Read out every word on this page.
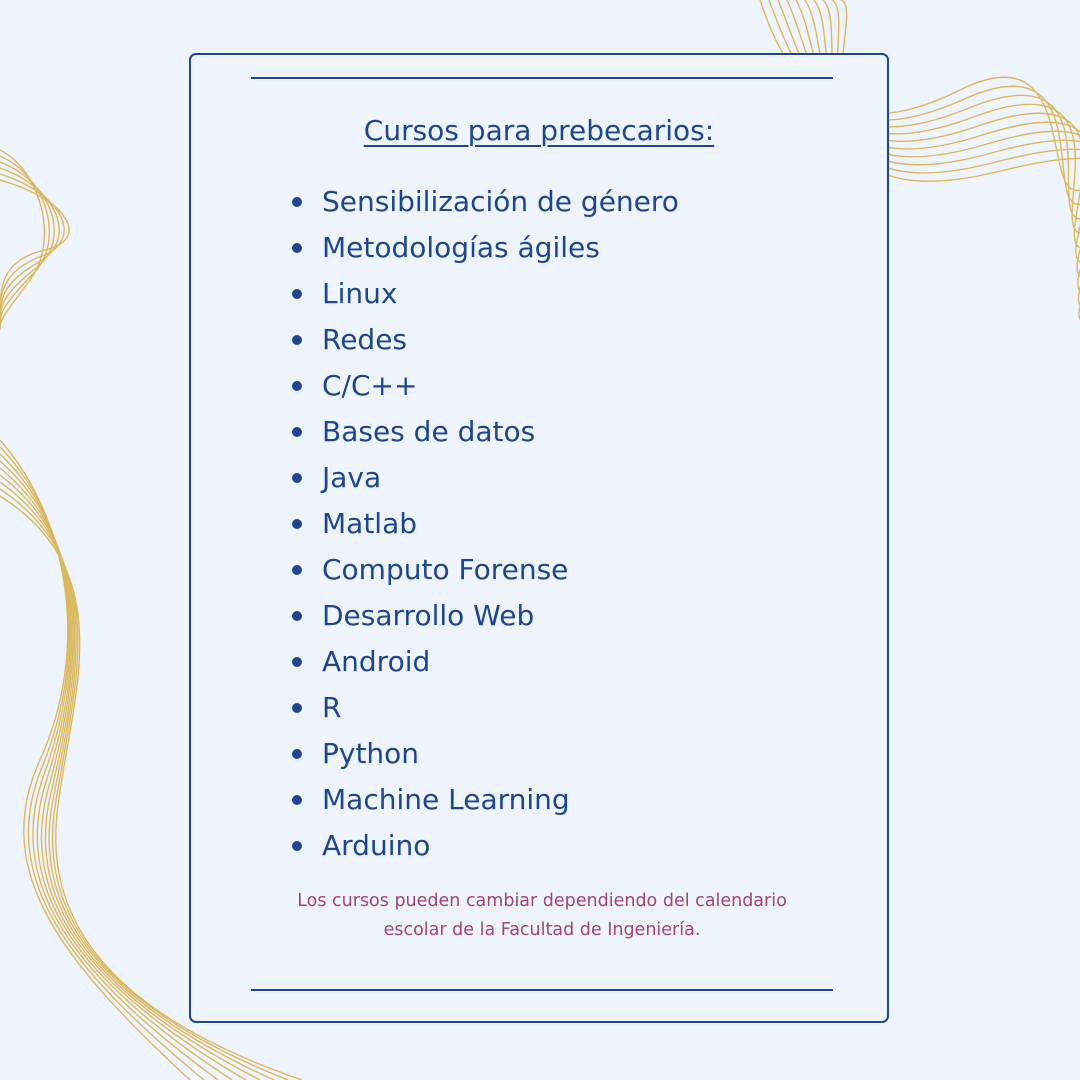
Cursos para prebecarios:
Sensibilización de género
Metodologías ágiles
Linux
Redes
C/C++
Bases de datos
Java
Matlab
Computo Forense
Desarrollo Web
Android
R
Python
Machine Learning
Arduino
Los cursos pueden cambiar dependiendo del calendario
escolar de la Facultad de Ingeniería.
